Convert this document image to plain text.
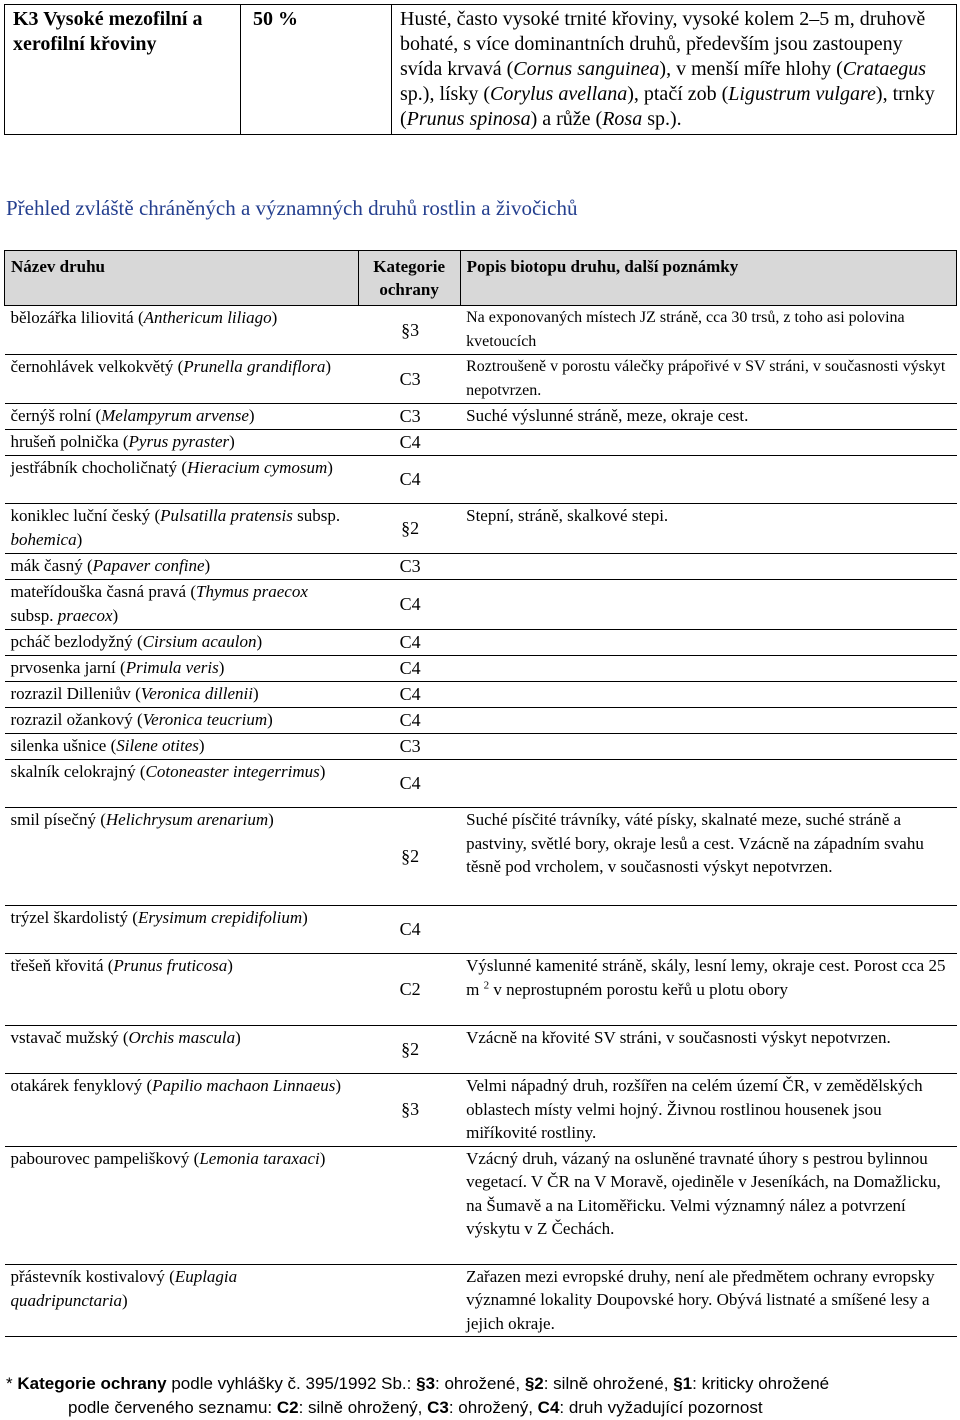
K3 Vysoké mezofilní a xerofilní křoviny	50 %	Husté, často vysoké trnité křoviny, vysoké kolem 2–5 m, druhově bohaté, s více dominantních druhů, především jsou zastoupeny svída krvavá (Cornus sanguinea), v menší míře hlohy (Crataegus sp.), lísky (Corylus avellana), ptačí zob (Ligustrum vulgare), trnky (Prunus spinosa) a růže (Rosa sp.).
Přehled zvláště chráněných a významných druhů rostlin a živočichů
Název druhu	Kategorie ochrany	Popis biotopu druhu, další poznámky
bělozářka liliovitá (Anthericum liliago)	§3	Na exponovaných místech JZ stráně, cca 30 trsů, z toho asi polovina kvetoucích
černohlávek velkokvětý (Prunella grandiflora)	C3	Roztroušeně v porostu válečky prápořivé v SV stráni, v současnosti výskyt nepotvrzen.
černýš rolní (Melampyrum arvense)	C3	Suché výslunné stráně, meze, okraje cest.
hrušeň polnička (Pyrus pyraster)	C4	
jestřábník chocholičnatý (Hieracium cymosum)	C4	
koniklec luční český (Pulsatilla pratensis subsp. bohemica)	§2	Stepní, stráně, skalkové stepi.
mák časný (Papaver confine)	C3	
mateřídouška časná pravá (Thymus praecox subsp. praecox)	C4	
pcháč bezlodyžný (Cirsium acaulon)	C4	
prvosenka jarní (Primula veris)	C4	
rozrazil Dilleniův (Veronica dillenii)	C4	
rozrazil ožankový (Veronica teucrium)	C4	
silenka ušnice (Silene otites)	C3	
skalník celokrajný (Cotoneaster integerrimus)	C4	
smil písečný (Helichrysum arenarium)	§2	Suché písčité trávníky, váté písky, skalnaté meze, suché stráně a pastviny, světlé bory, okraje lesů a cest. Vzácně na západním svahu těsně pod vrcholem, v současnosti výskyt nepotvrzen.
trýzel škardolistý (Erysimum crepidifolium)	C4	
třešeň křovitá (Prunus fruticosa)	C2	Výslunné kamenité stráně, skály, lesní lemy, okraje cest. Porost cca 25 m $^2$ v neprostupném porostu keřů u plotu obory
vstavač mužský (Orchis mascula)	§2	Vzácně na křovité SV stráni, v současnosti výskyt nepotvrzen.
otakárek fenyklový (Papilio machaon Linnaeus)	§3	Velmi nápadný druh, rozšířen na celém území ČR, v zemědělských oblastech místy velmi hojný. Živnou rostlinou housenek jsou miříkovité rostliny.
pabourovec pampeliškový (Lemonia taraxaci)		Vzácný druh, vázaný na osluněné travnaté úhory s pestrou bylinnou vegetací. V ČR na V Moravě, ojediněle v Jeseníkách, na Domažlicku, na Šumavě a na Litoměřicku. Velmi významný nález a potvrzení výskytu v Z Čechách.
přástevník kostivalový (Euplagia quadripunctaria)		Zařazen mezi evropské druhy, není ale předmětem ochrany evropsky významné lokality Doupovské hory. Obývá listnaté a smíšené lesy a jejich okraje.
* Kategorie ochrany podle vyhlášky č. 395/1992 Sb.: §3: ohrožené, §2: silně ohrožené, §1: kriticky ohrožené
podle červeného seznamu: C2: silně ohrožený, C3: ohrožený, C4: druh vyžadující pozornost
